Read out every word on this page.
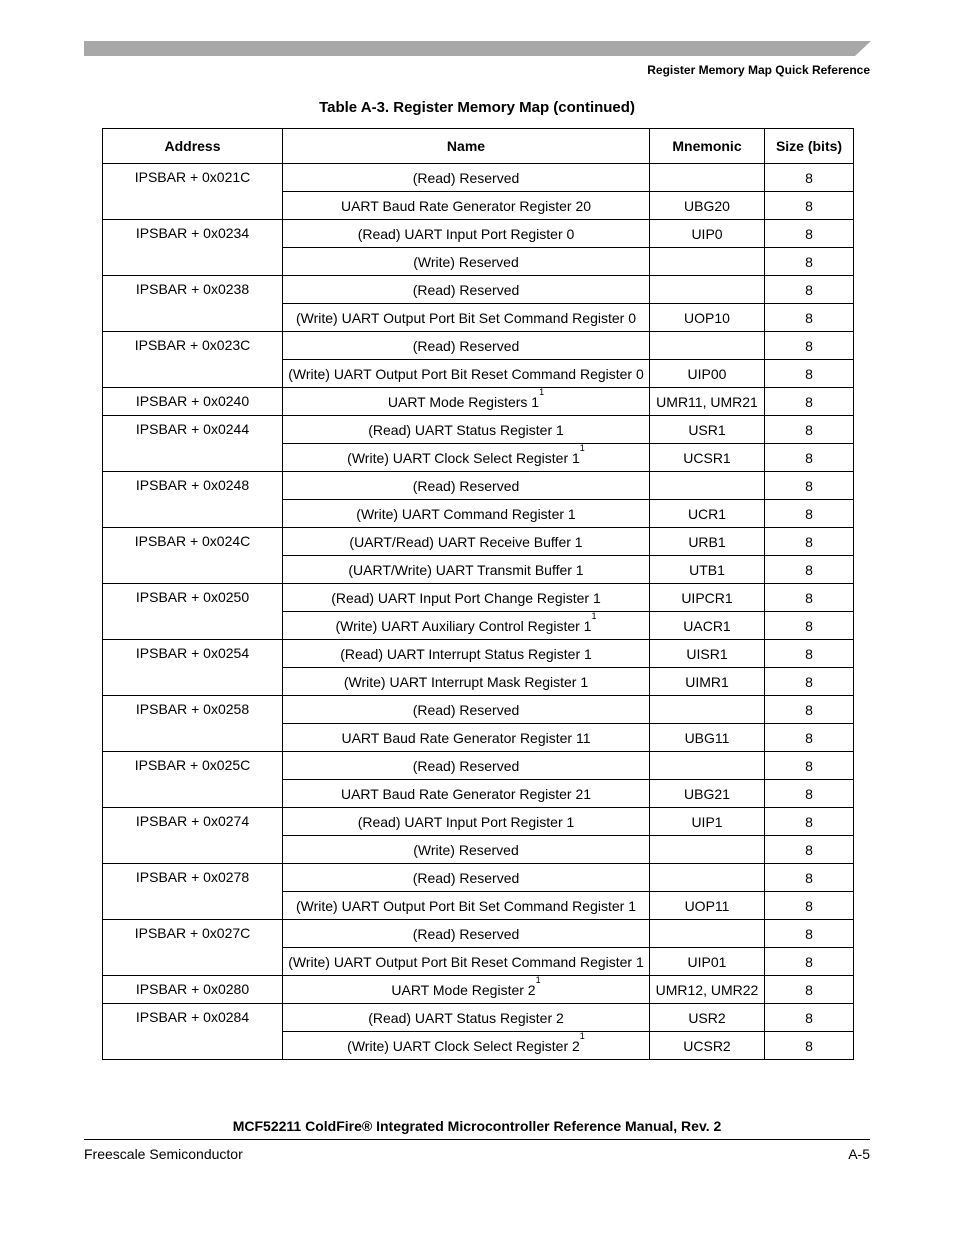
Register Memory Map Quick Reference
Table A-3. Register Memory Map (continued)
Address	Name	Mnemonic	Size (bits)
IPSBAR + 0x021C	(Read) Reserved		8
	UART Baud Rate Generator Register 20	UBG20	8
IPSBAR + 0x0234	(Read) UART Input Port Register 0	UIP0	8
	(Write) Reserved		8
IPSBAR + 0x0238	(Read) Reserved		8
	(Write) UART Output Port Bit Set Command Register 0	UOP10	8
IPSBAR + 0x023C	(Read) Reserved		8
	(Write) UART Output Port Bit Reset Command Register 0	UIP00	8
IPSBAR + 0x0240	UART Mode Registers $1^1$	UMR11, UMR21	8
IPSBAR + 0x0244	(Read) UART Status Register 1	USR1	8
	(Write) UART Clock Select Register $1^1$	UCSR1	8
IPSBAR + 0x0248	(Read) Reserved		8
	(Write) UART Command Register 1	UCR1	8
IPSBAR + 0x024C	(UART/Read) UART Receive Buffer 1	URB1	8
	(UART/Write) UART Transmit Buffer 1	UTB1	8
IPSBAR + 0x0250	(Read) UART Input Port Change Register 1	UIPCR1	8
	(Write) UART Auxiliary Control Register $1^1$	UACR1	8
IPSBAR + 0x0254	(Read) UART Interrupt Status Register 1	UISR1	8
	(Write) UART Interrupt Mask Register 1	UIMR1	8
IPSBAR + 0x0258	(Read) Reserved		8
	UART Baud Rate Generator Register 11	UBG11	8
IPSBAR + 0x025C	(Read) Reserved		8
	UART Baud Rate Generator Register 21	UBG21	8
IPSBAR + 0x0274	(Read) UART Input Port Register 1	UIP1	8
	(Write) Reserved		8
IPSBAR + 0x0278	(Read) Reserved		8
	(Write) UART Output Port Bit Set Command Register 1	UOP11	8
IPSBAR + 0x027C	(Read) Reserved		8
	(Write) UART Output Port Bit Reset Command Register 1	UIP01	8
IPSBAR + 0x0280	UART Mode Register $2^1$	UMR12, UMR22	8
IPSBAR + 0x0284	(Read) UART Status Register 2	USR2	8
	(Write) UART Clock Select Register $2^1$	UCSR2	8
MCF52211 ColdFire® Integrated Microcontroller Reference Manual, Rev. 2
Freescale Semiconductor	A-5
